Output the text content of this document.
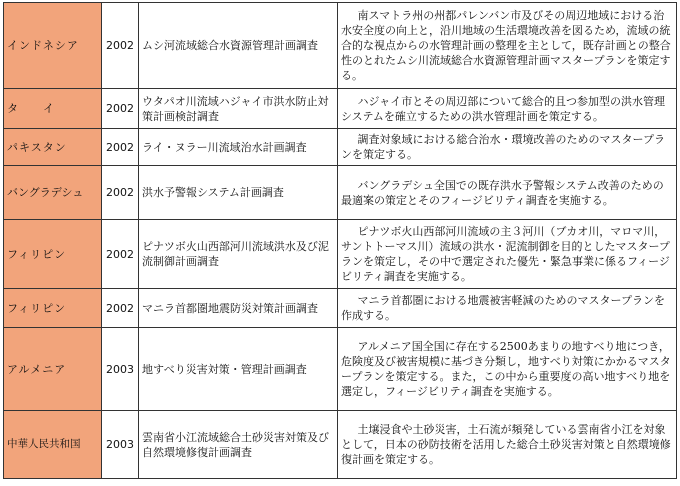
インドネシア	2002	ムシ河流域総合水資源管理計画調査	南スマトラ州の州都パレンバン市及びその周辺地域における治水安全度の向上と，沿川地域の生活環境改善を図るため，流域の統合的な視点からの水管理計画の整理を主として，既存計画との整合性のとれたムシ川流域総合水資源管理計画マスタープランを策定する。
タ　　イ	2002	ウタパオ川流域ハジャイ市洪水防止対策計画検討調査	ハジャイ市とその周辺部について総合的且つ参加型の洪水管理システムを確立するための洪水管理計画を策定する。
パキスタン	2002	ライ・ヌラー川流域治水計画調査	調査対象域における総合治水・環境改善のためのマスタープランを策定する。
バングラデシュ	2002	洪水予警報システム計画調査	バングラデシュ全国での既存洪水予警報システム改善のための最適案の策定とそのフィージビリティ調査を実施する。
フィリピン	2002	ピナツボ火山西部河川流域洪水及び泥流制御計画調査	ピナツボ火山西部河川流域の主３河川（ブカオ川，マロマ川，サントトーマス川）流域の洪水・泥流制御を目的としたマスタープランを策定し，その中で選定された優先・緊急事業に係るフィージビリティ調査を実施する。
フィリピン	2002	マニラ首都圏地震防災対策計画調査	マニラ首都圏における地震被害軽減のためのマスタープランを作成する。
アルメニア	2003	地すべり災害対策・管理計画調査	アルメニア国全国に存在する2500あまりの地すべり地につき，危険度及び被害規模に基づき分類し，地すべり対策にかかるマスタープランを策定する。また，この中から重要度の高い地すべり地を選定し，フィージビリティ調査を実施する。
中華人民共和国	2003	雲南省小江流域総合土砂災害対策及び自然環境修復計画調査	土壌浸食や土砂災害，土石流が頻発している雲南省小江を対象として，日本の砂防技術を活用した総合土砂災害対策と自然環境修復計画を策定する。
